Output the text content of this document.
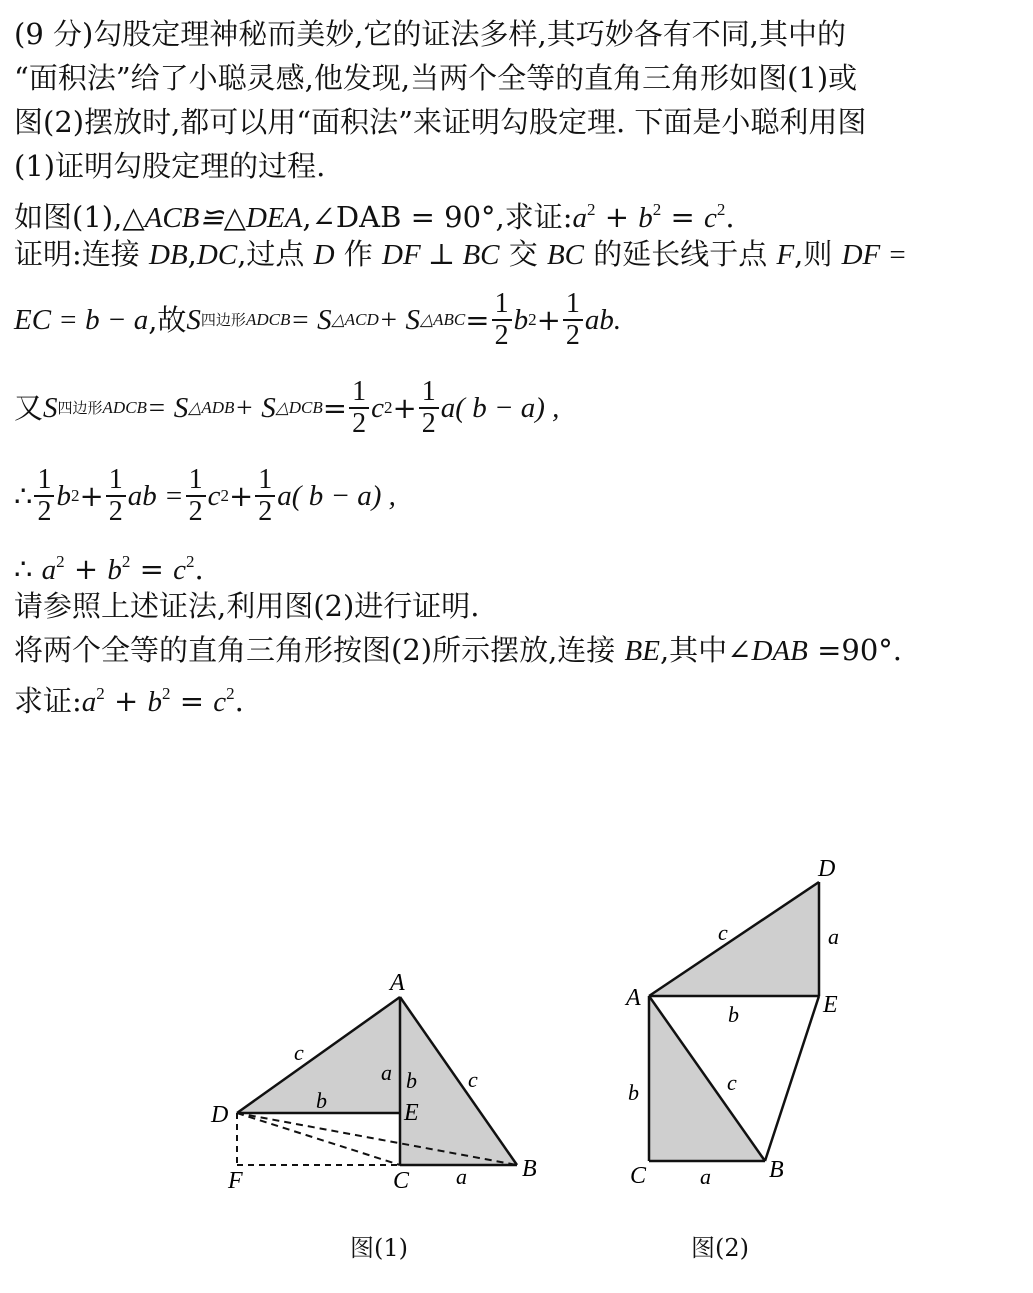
(9 分)勾股定理神秘而美妙,它的证法多样,其巧妙各有不同,其中的
“面积法”给了小聪灵感,他发现,当两个全等的直角三角形如图(1)或
图(2)摆放时,都可以用“面积法”来证明勾股定理. 下面是小聪利用图
(1)证明勾股定理的过程.
如图(1),△ACB≌△DEA,∠DAB = 90°,求证$:a^2 + b^2 = c^2$.
证明:连接 DB,DC,过点 D 作 DF ⊥ BC 交 BC 的延长线于点 F,则 DF =
EC = b − a ,故 S 四边形ADCB = S △ACD + S △ABC = $\frac{1}{2}$ b $2 + \frac{1}{2}$ ab.
又 S 四边形ADCB = S △ADB + S △DCB = $\frac{1}{2}$ c $2 + \frac{1}{2} a$( b − a) ,
∴ $\frac{1}{2}$ b $2 + \frac{1}{2}$ ab = $\frac{1}{2}$ c $2 + \frac{1}{2} a$( b − a) ,
∴ $a^2 + b^2 = c^2$.
请参照上述证法,利用图(2)进行证明.
将两个全等的直角三角形按图(2)所示摆放,连接 BE,其中∠DAB =90°.
求证$:a^2 + b^2 = c^2$.
A
B
C
D	E
F
a b
c
c
b
a
A
B
C
D
E
c	a
b
c
b
a
图(1)	图(2)
